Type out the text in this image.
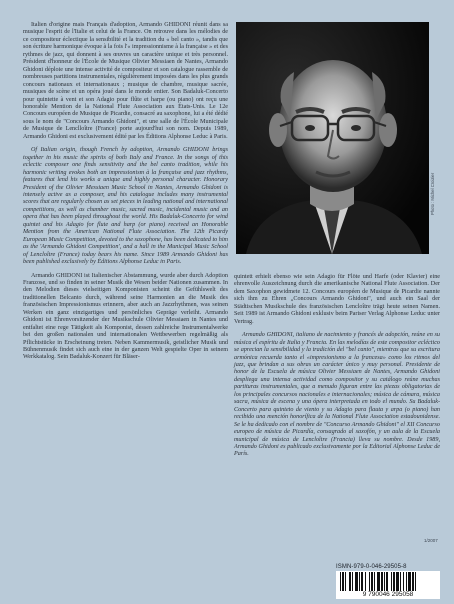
Italien d'origine mais Français d'adoption, Armando GHIDONI réunit dans sa musique l'esprit de l'Italie et celui de la France. On retrouve dans les mélodies de ce compositeur éclectique la sensibilité et la tradition du « bel canto », tandis que son écriture harmonique évoque à la fois l'« impressionnisme à la française » et des rythmes de jazz, qui donnent à ses œuvres un caractère unique et très personnel. Président d'honneur de l'École de Musique Olivier Messiaen de Nantes, Armando Ghidoni déploie une intense activité de compositeur et son catalogue rassemble de nombreuses partitions instrumentales, régulièrement imposées dans les plus grands concours nationaux et internationaux ; musique de chambre, musique sacrée, musiques de scène et un opéra joué dans le monde entier. Son Badaluk-Concerto pour quintette à vent et son Adagio pour flûte et harpe (ou piano) ont reçu une honorable Mention de la National Flute Association aux États-Unis. Le 12e Concours européen de Musique de Picardie, consacré au saxophone, lui a été dédié sous le nom de "Concours Armando Ghidoni", et une salle de l'École Municipale de Musique de Lenclloître (France) porte aujourd'hui son nom. Depuis 1989, Armando Ghidoni est exclusivement édité par les Éditions Alphonse Leduc à Paris.

Of Italian origin, though French by adoption, Armando GHIDONI brings together in his music the spirits of both Italy and France. In the songs of this eclectic composer one finds sensitivity and the bel canto tradition, while his harmonic writing evokes both an impressionism à la française and jazz rhythms, features that lend his works a unique and highly personal character. Honorary President of the Olivier Messiaen Music School in Nantes, Armando Ghidoni is intensely active as a composer, and his catalogue includes many instrumental scores that are regularly chosen as set pieces in leading national and international competitions, as well as chamber music, sacred music, incidental music and an opera that has been played throughout the world. His Badaluk-Concerto for wind quintet and his Adagio for flute and harp (or piano) received an Honorable Mention from the American National Flute Association. The 12th Picardy European Music Competition, devoted to the saxophone, has been dedicated to him as the 'Armando Ghidoni Competition', and a hall in the Municipal Music School of Lencloître (France) today bears his name. Since 1989 Armando Ghidoni has been published exclusively by Éditions Alphonse Leduc in Paris.

Armando GHIDONI ist Italienischer Abstammung, wurde aber durch Adoption Franzose, und so finden in seiner Musik die Wesen beider Nationen zusammen. In den Melodien dieses vielseitigen Komponisten scheint die Gefühlswelt des traditionellen Belcanto durch, während seine Harmonien an die Musik des französischen Impressionismus erinnern, aber auch an Jazzrhythmen, was seinen Werken ein ganz einzigartiges und persönliches Gepräge verleiht. Armando Ghidoni ist Ehrenvorsitzender der Musikschule Olivier Messiaen in Nantes und entfaltet eine rege Tätigkeit als Komponist, dessen zahlreiche Instrumentalwerke bei den großen nationalen und internationalen Wettbewerben regelmäßig als Pflichtstücke in Erscheinung treten. Neben Kammermusik, geistlicher Musik und Bühnenmusik findet sich auch eine in der ganzen Welt gespielte Oper in seinem Werkkatalog. Sein Badaluk-Konzert für Bläser-

Photo : Michel Croizier

quintett erhielt ebenso wie sein Adagio für Flöte und Harfe (oder Klavier) eine ehrenvolle Auszeichnung durch die amerikanische National Flute Association. Der dem Saxophon gewidmete 12. Concours européen de Musique de Picardie nannte sich ihm zu Ehren „Concours Armando Ghidoni", und auch ein Saal der Städtischen Musikschule des französischen Lencloître trägt heute seinen Namen. Seit 1989 ist Armando Ghidoni exklusiv beim Pariser Verlag Alphonse Leduc unter Vertrag.

Armando GHIDONI, italiano de nacimiento y francés de adopción, reúne en su música el espíritu de Italia y Francia. En las melodías de este compositor ecléctico se aprecian la sensibilidad y la tradición del "bel canto", mientras que su escritura armónica recuerda tanto el «impresionismo a la francesa» como los ritmos del jazz, que brindan a sus obras un carácter único y muy personal. Presidente de honor de la Escuela de música Olivier Messiaen de Nantes, Armando Ghidoni despliega una intensa actividad como compositor y su catálogo reúne muchas partituras instrumentales, que a menudo figuran entre las piezas obligatorias de los principales concursos nacionales e internacionales; música de cámara, música sacra, música de escena y una ópera interpretada en todo el mundo. Su Badaluk-Concerto para quinteto de viento y su Adagio para flauta y arpa (o piano) han recibido una mención honorífica de la National Flute Association estadounidense. Se le ha dedicado con el nombre de "Concurso Armando Ghidoni" el XII Concurso europeo de música de Picardía, consagrado al saxofón, y un aula de la Escuela municipal de música de Lencloître (Francia) lleva su nombre. Desde 1989, Armando Ghidoni es publicado exclusivamente por la Editorial Alphonse Leduc de París.

1/2007
ISMN-979-0-046-29505-8
9 790046 295058
